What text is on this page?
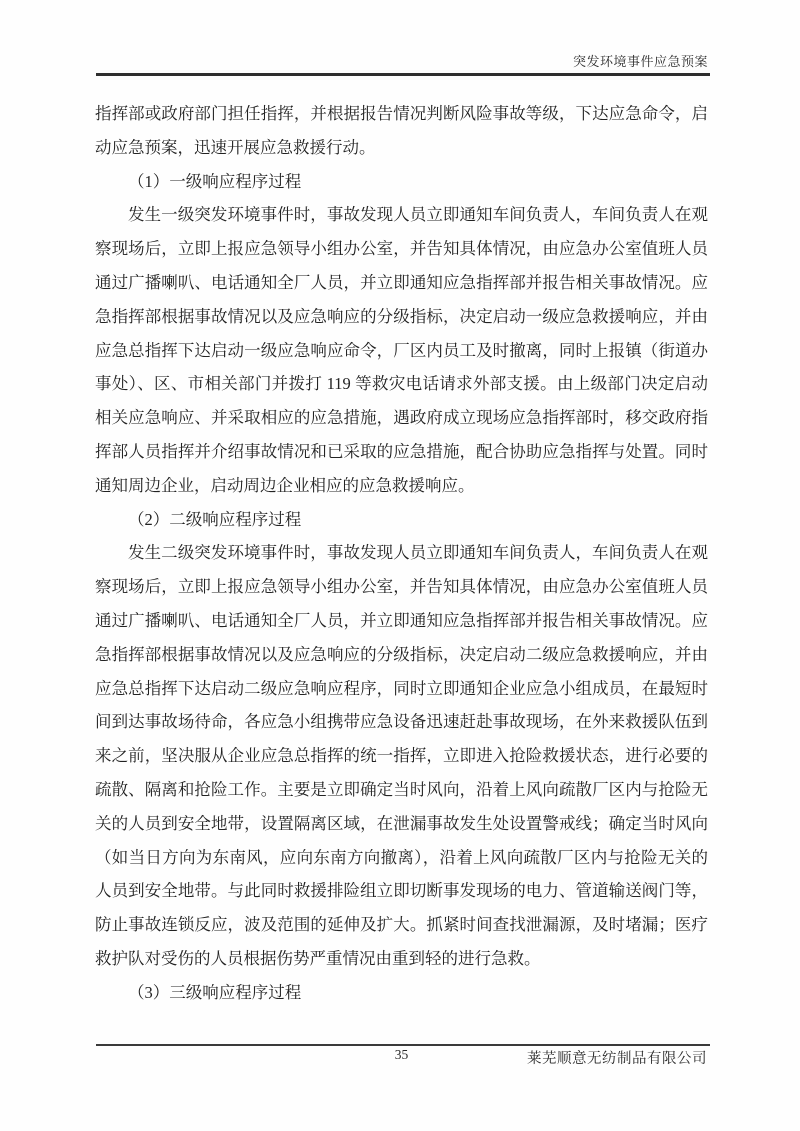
突发环境事件应急预案

指挥部或政府部门担任指挥，并根据报告情况判断风险事故等级，下达应急命令，启动应急预案，迅速开展应急救援行动。

（1）一级响应程序过程

发生一级突发环境事件时，事故发现人员立即通知车间负责人，车间负责人在观察现场后，立即上报应急领导小组办公室，并告知具体情况，由应急办公室值班人员通过广播喇叭、电话通知全厂人员，并立即通知应急指挥部并报告相关事故情况。应急指挥部根据事故情况以及应急响应的分级指标，决定启动一级应急救援响应，并由应急总指挥下达启动一级应急响应命令，厂区内员工及时撤离，同时上报镇（街道办事处）、区、市相关部门并拨打 119 等救灾电话请求外部支援。由上级部门决定启动相关应急响应、并采取相应的应急措施，遇政府成立现场应急指挥部时，移交政府指挥部人员指挥并介绍事故情况和已采取的应急措施，配合协助应急指挥与处置。同时通知周边企业，启动周边企业相应的应急救援响应。

（2）二级响应程序过程

发生二级突发环境事件时，事故发现人员立即通知车间负责人，车间负责人在观察现场后，立即上报应急领导小组办公室，并告知具体情况，由应急办公室值班人员通过广播喇叭、电话通知全厂人员，并立即通知应急指挥部并报告相关事故情况。应急指挥部根据事故情况以及应急响应的分级指标，决定启动二级应急救援响应，并由应急总指挥下达启动二级应急响应程序，同时立即通知企业应急小组成员，在最短时间到达事故场待命，各应急小组携带应急设备迅速赶赴事故现场，在外来救援队伍到来之前，坚决服从企业应急总指挥的统一指挥，立即进入抢险救援状态，进行必要的疏散、隔离和抢险工作。主要是立即确定当时风向，沿着上风向疏散厂区内与抢险无关的人员到安全地带，设置隔离区域，在泄漏事故发生处设置警戒线；确定当时风向（如当日方向为东南风，应向东南方向撤离），沿着上风向疏散厂区内与抢险无关的人员到安全地带。与此同时救援排险组立即切断事发现场的电力、管道输送阀门等，防止事故连锁反应，波及范围的延伸及扩大。抓紧时间查找泄漏源，及时堵漏；医疗救护队对受伤的人员根据伤势严重情况由重到轻的进行急救。

（3）三级响应程序过程

35	莱芜顺意无纺制品有限公司
